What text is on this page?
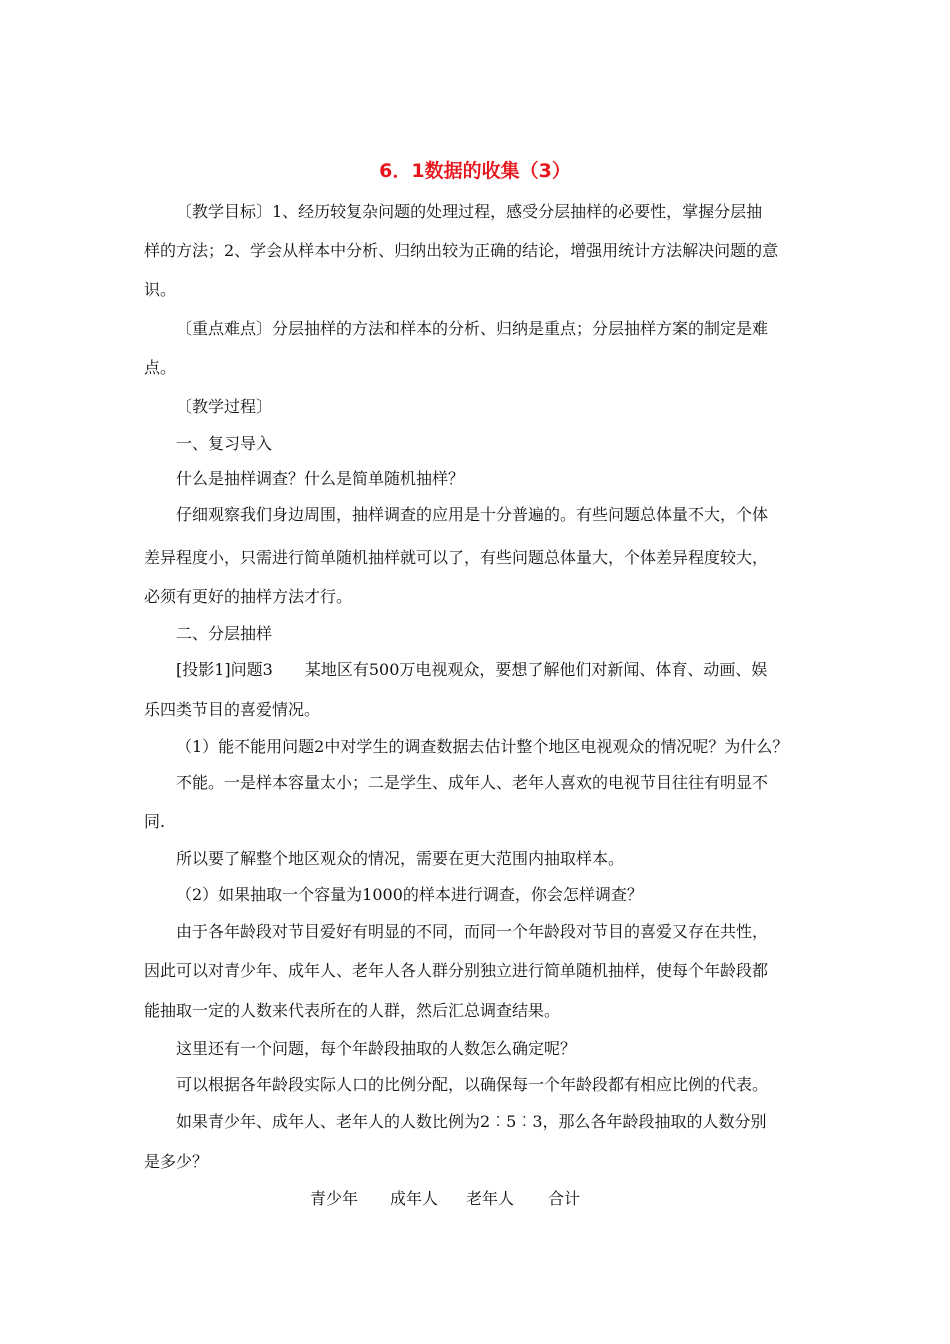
6．1数据的收集（3）

〔教学目标〕1、经历较复杂问题的处理过程，感受分层抽样的必要性，掌握分层抽

样的方法；2、学会从样本中分析、归纳出较为正确的结论，增强用统计方法解决问题的意

识。

〔重点难点〕分层抽样的方法和样本的分析、归纳是重点；分层抽样方案的制定是难

点。

〔教学过程〕

一、复习导入

什么是抽样调查？什么是简单随机抽样？

仔细观察我们身边周围，抽样调查的应用是十分普遍的。有些问题总体量不大，个体

差异程度小，只需进行简单随机抽样就可以了，有些问题总体量大，个体差异程度较大，

必须有更好的抽样方法才行。

二、分层抽样

[投影1]问题3　　某地区有500万电视观众，要想了解他们对新闻、体育、动画、娱

乐四类节目的喜爱情况。

（1）能不能用问题2中对学生的调查数据去估计整个地区电视观众的情况呢？为什么？

不能。一是样本容量太小；二是学生、成年人、老年人喜欢的电视节目往往有明显不

同.

所以要了解整个地区观众的情况，需要在更大范围内抽取样本。

（2）如果抽取一个容量为1000的样本进行调查，你会怎样调查？

由于各年龄段对节目爱好有明显的不同，而同一个年龄段对节目的喜爱又存在共性，

因此可以对青少年、成年人、老年人各人群分别独立进行简单随机抽样，使每个年龄段都

能抽取一定的人数来代表所在的人群，然后汇总调查结果。

这里还有一个问题，每个年龄段抽取的人数怎么确定呢？

可以根据各年龄段实际人口的比例分配，以确保每一个年龄段都有相应比例的代表。

如果青少年、成年人、老年人的人数比例为2︰5︰3，那么各年龄段抽取的人数分别

是多少？

青少年 成年人 老年人 合计
